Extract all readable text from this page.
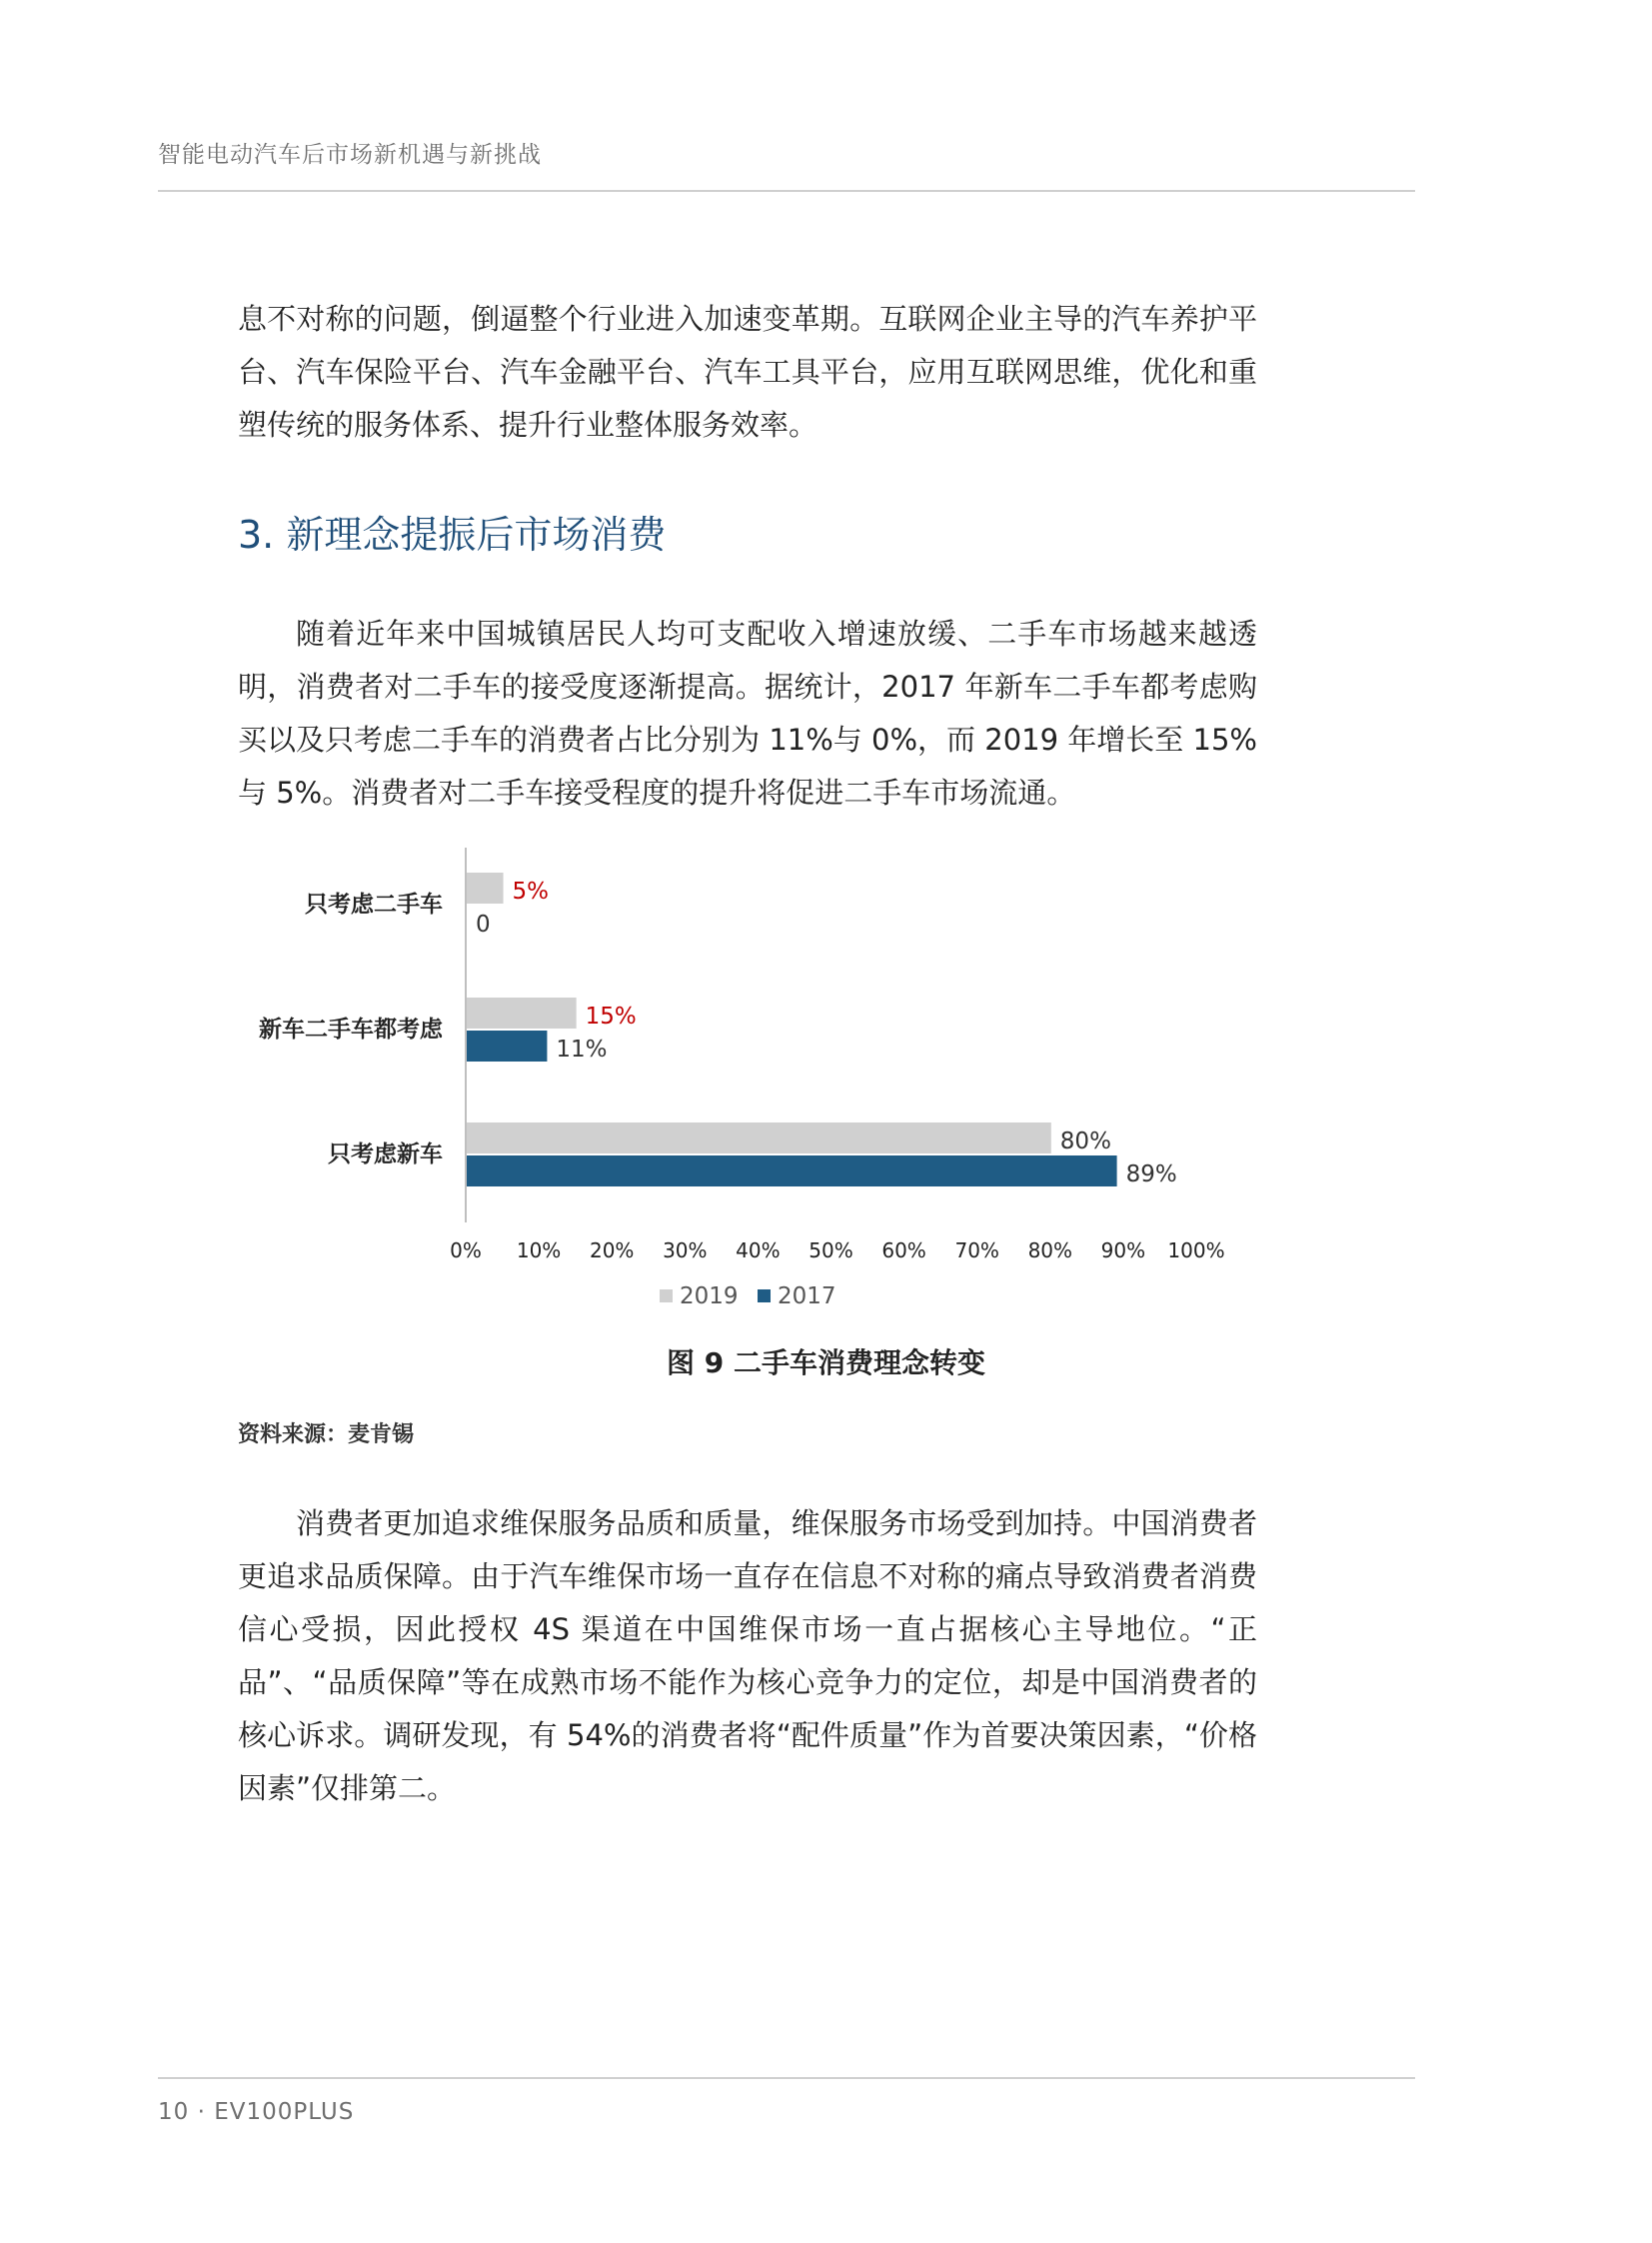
智能电动汽车后市场新机遇与新挑战

息不对称的问题，倒逼整个行业进入加速变革期。互联网企业主导的汽车养护平台、汽车保险平台、汽车金融平台、汽车工具平台，应用互联网思维，优化和重塑传统的服务体系、提升行业整体服务效率。

3. 新理念提振后市场消费

随着近年来中国城镇居民人均可支配收入增速放缓、二手车市场越来越透明，消费者对二手车的接受度逐渐提高。据统计，2017 年新车二手车都考虑购买以及只考虑二手车的消费者占比分别为 11%与 0%，而 2019 年增长至 15%与 5%。消费者对二手车接受程度的提升将促进二手车市场流通。

只考虑二手车	5%
0
新车二手车都考虑	15%
11%
只考虑新车	80%
89%
0% 10% 20% 30% 40% 50% 60% 70% 80% 90% 100%
2019 2017
图 9 二手车消费理念转变
资料来源：麦肯锡

消费者更加追求维保服务品质和质量，维保服务市场受到加持。中国消费者更追求品质保障。由于汽车维保市场一直存在信息不对称的痛点导致消费者消费信心受损，因此授权 4S 渠道在中国维保市场一直占据核心主导地位。“正品”、“品质保障”等在成熟市场不能作为核心竞争力的定位，却是中国消费者的核心诉求。调研发现，有 54%的消费者将“配件质量”作为首要决策因素，“价格因素”仅排第二。

10 · EV100PLUS
